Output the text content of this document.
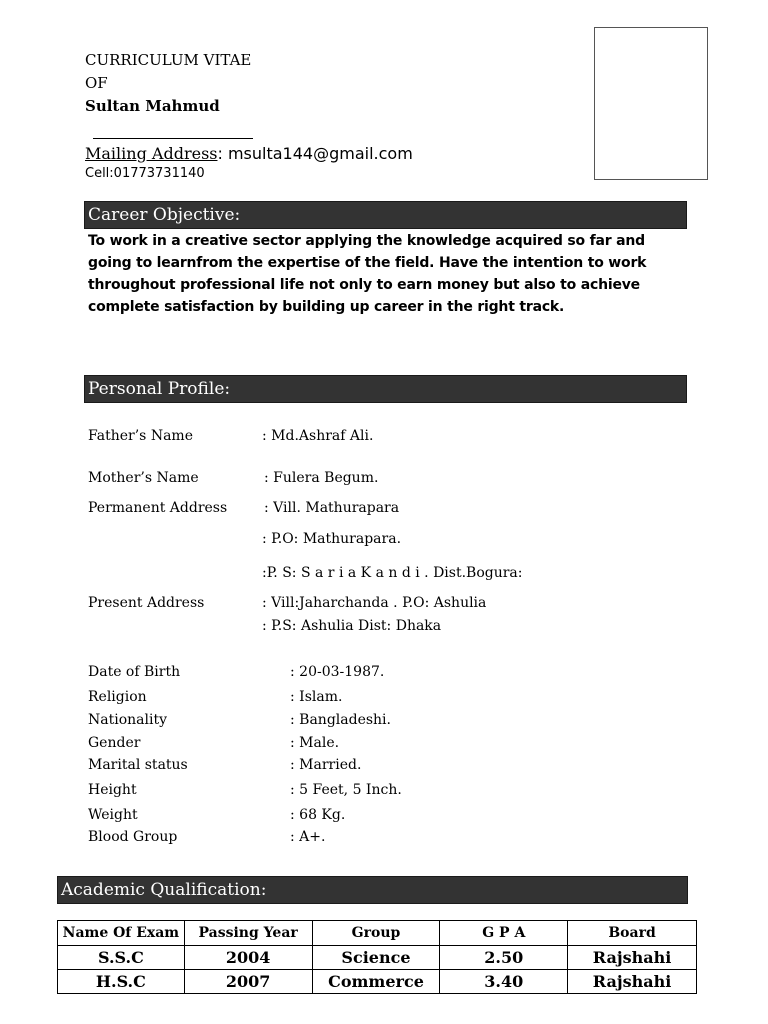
CURRICULUM VITAE
OF
Sultan Mahmud
Mailing Address: msulta144@gmail.com
Cell:01773731140
Career Objective:
To work in a creative sector applying the knowledge acquired so far and going to learnfrom the expertise of the field. Have the intention to work throughout professional life not only to earn money but also to achieve complete satisfaction by building up career in the right track.
Personal Profile:
Father’s Name	: Md.Ashraf Ali.
Mother’s Name	: Fulera Begum.
Permanent Address	: Vill. Mathurapara
: P.O: Mathurapara.
:P. S: S a r i a K a n d i . Dist.Bogura:
Present Address	: Vill:Jaharchanda . P.O: Ashulia
: P.S: Ashulia Dist: Dhaka
Date of Birth	: 20-03-1987.
Religion	: Islam.
Nationality	: Bangladeshi.
Gender	: Male.
Marital status	: Married.
Height	: 5 Feet, 5 Inch.
Weight	: 68 Kg.
Blood Group	: A+.
Academic Qualification:
Name Of Exam	Passing Year	Group	G P A	Board
S.S.C	2004	Science	2.50	Rajshahi
H.S.C	2007	Commerce	3.40	Rajshahi
